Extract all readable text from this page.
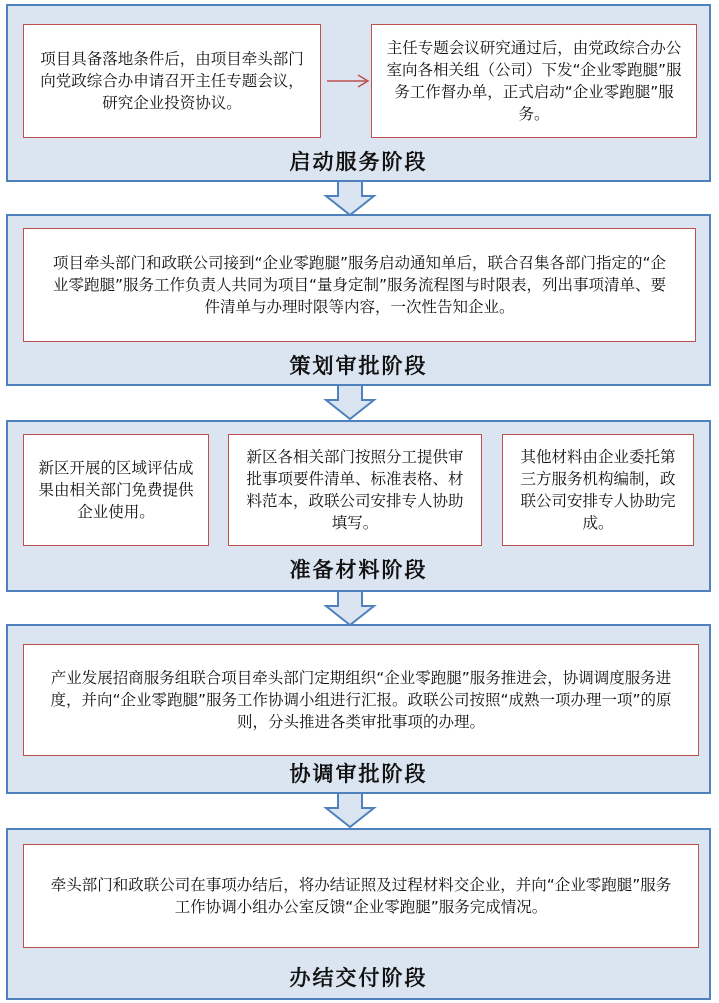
项目具备落地条件后，由项目牵头部门向党政综合办申请召开主任专题会议，研究企业投资协议。
主任专题会议研究通过后，由党政综合办公室向各相关组（公司）下发“企业零跑腿”服务工作督办单，正式启动“企业零跑腿”服务。
启动服务阶段
项目牵头部门和政联公司接到“企业零跑腿”服务启动通知单后，联合召集各部门指定的“企业零跑腿”服务工作负责人共同为项目“量身定制”服务流程图与时限表，列出事项清单、要件清单与办理时限等内容，一次性告知企业。
策划审批阶段
新区开展的区域评估成果由相关部门免费提供企业使用。
新区各相关部门按照分工提供审批事项要件清单、标准表格、材料范本，政联公司安排专人协助填写。
其他材料由企业委托第三方服务机构编制，政联公司安排专人协助完成。
准备材料阶段
产业发展招商服务组联合项目牵头部门定期组织“企业零跑腿”服务推进会，协调调度服务进度，并向“企业零跑腿”服务工作协调小组进行汇报。政联公司按照“成熟一项办理一项”的原则，分头推进各类审批事项的办理。
协调审批阶段
牵头部门和政联公司在事项办结后，将办结证照及过程材料交企业，并向“企业零跑腿”服务工作协调小组办公室反馈“企业零跑腿”服务完成情况。
办结交付阶段
